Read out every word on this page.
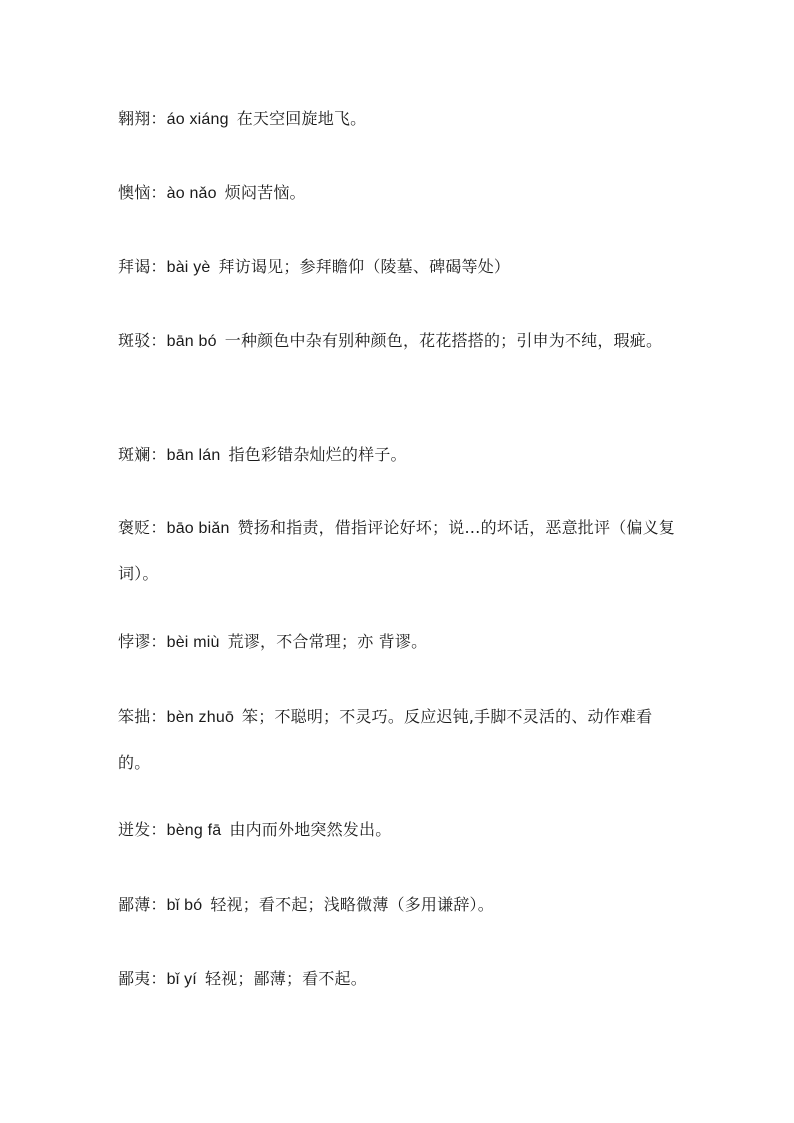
翱翔：áo xiáng 在天空回旋地飞。
懊恼：ào nǎo 烦闷苦恼。
拜谒：bài yè 拜访谒见；参拜瞻仰（陵墓、碑碣等处）
斑驳：bān bó 一种颜色中杂有别种颜色，花花搭搭的；引申为不纯，瑕疵。
斑斓：bān lán 指色彩错杂灿烂的样子。
褒贬：bāo biǎn 赞扬和指责，借指评论好坏；说…的坏话，恶意批评（偏义复词）。
悖谬：bèi miù 荒谬，不合常理；亦 背谬。
笨拙：bèn zhuō 笨；不聪明；不灵巧。反应迟钝,手脚不灵活的、动作难看的。
迸发：bèng fā 由内而外地突然发出。
鄙薄：bǐ bó 轻视；看不起；浅略微薄（多用谦辞）。
鄙夷：bǐ yí 轻视；鄙薄；看不起。
